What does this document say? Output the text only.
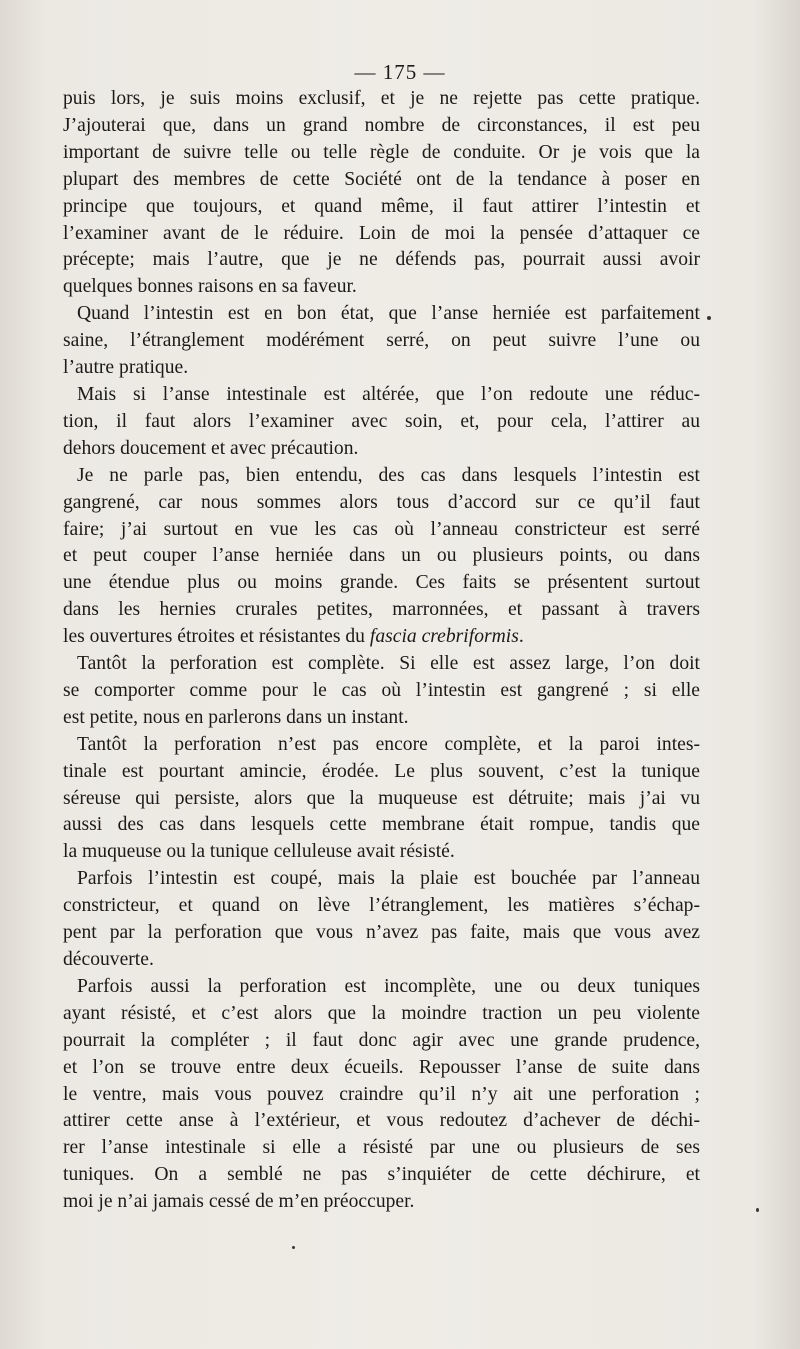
— 175 —
puis lors, je suis moins exclusif, et je ne rejette pas cette pratique.
J’ajouterai que, dans un grand nombre de circonstances, il est peu
important de suivre telle ou telle règle de conduite. Or je vois que la
plupart des membres de cette Société ont de la tendance à poser en
principe que toujours, et quand même, il faut attirer l’intestin et
l’examiner avant de le réduire. Loin de moi la pensée d’attaquer ce
précepte; mais l’autre, que je ne défends pas, pourrait aussi avoir
quelques bonnes raisons en sa faveur.
Quand l’intestin est en bon état, que l’anse herniée est parfaitement
saine, l’étranglement modérément serré, on peut suivre l’une ou
l’autre pratique.
Mais si l’anse intestinale est altérée, que l’on redoute une réduc-
tion, il faut alors l’examiner avec soin, et, pour cela, l’attirer au
dehors doucement et avec précaution.
Je ne parle pas, bien entendu, des cas dans lesquels l’intestin est
gangrené, car nous sommes alors tous d’accord sur ce qu’il faut
faire; j’ai surtout en vue les cas où l’anneau constricteur est serré
et peut couper l’anse herniée dans un ou plusieurs points, ou dans
une étendue plus ou moins grande. Ces faits se présentent surtout
dans les hernies crurales petites, marronnées, et passant à travers
les ouvertures étroites et résistantes du fascia crebriformis.
Tantôt la perforation est complète. Si elle est assez large, l’on doit
se comporter comme pour le cas où l’intestin est gangrené ; si elle
est petite, nous en parlerons dans un instant.
Tantôt la perforation n’est pas encore complète, et la paroi intes-
tinale est pourtant amincie, érodée. Le plus souvent, c’est la tunique
séreuse qui persiste, alors que la muqueuse est détruite; mais j’ai vu
aussi des cas dans lesquels cette membrane était rompue, tandis que
la muqueuse ou la tunique celluleuse avait résisté.
Parfois l’intestin est coupé, mais la plaie est bouchée par l’anneau
constricteur, et quand on lève l’étranglement, les matières s’échap-
pent par la perforation que vous n’avez pas faite, mais que vous avez
découverte.
Parfois aussi la perforation est incomplète, une ou deux tuniques
ayant résisté, et c’est alors que la moindre traction un peu violente
pourrait la compléter ; il faut donc agir avec une grande prudence,
et l’on se trouve entre deux écueils. Repousser l’anse de suite dans
le ventre, mais vous pouvez craindre qu’il n’y ait une perforation ;
attirer cette anse à l’extérieur, et vous redoutez d’achever de déchi-
rer l’anse intestinale si elle a résisté par une ou plusieurs de ses
tuniques. On a semblé ne pas s’inquiéter de cette déchirure, et
moi je n’ai jamais cessé de m’en préoccuper.
